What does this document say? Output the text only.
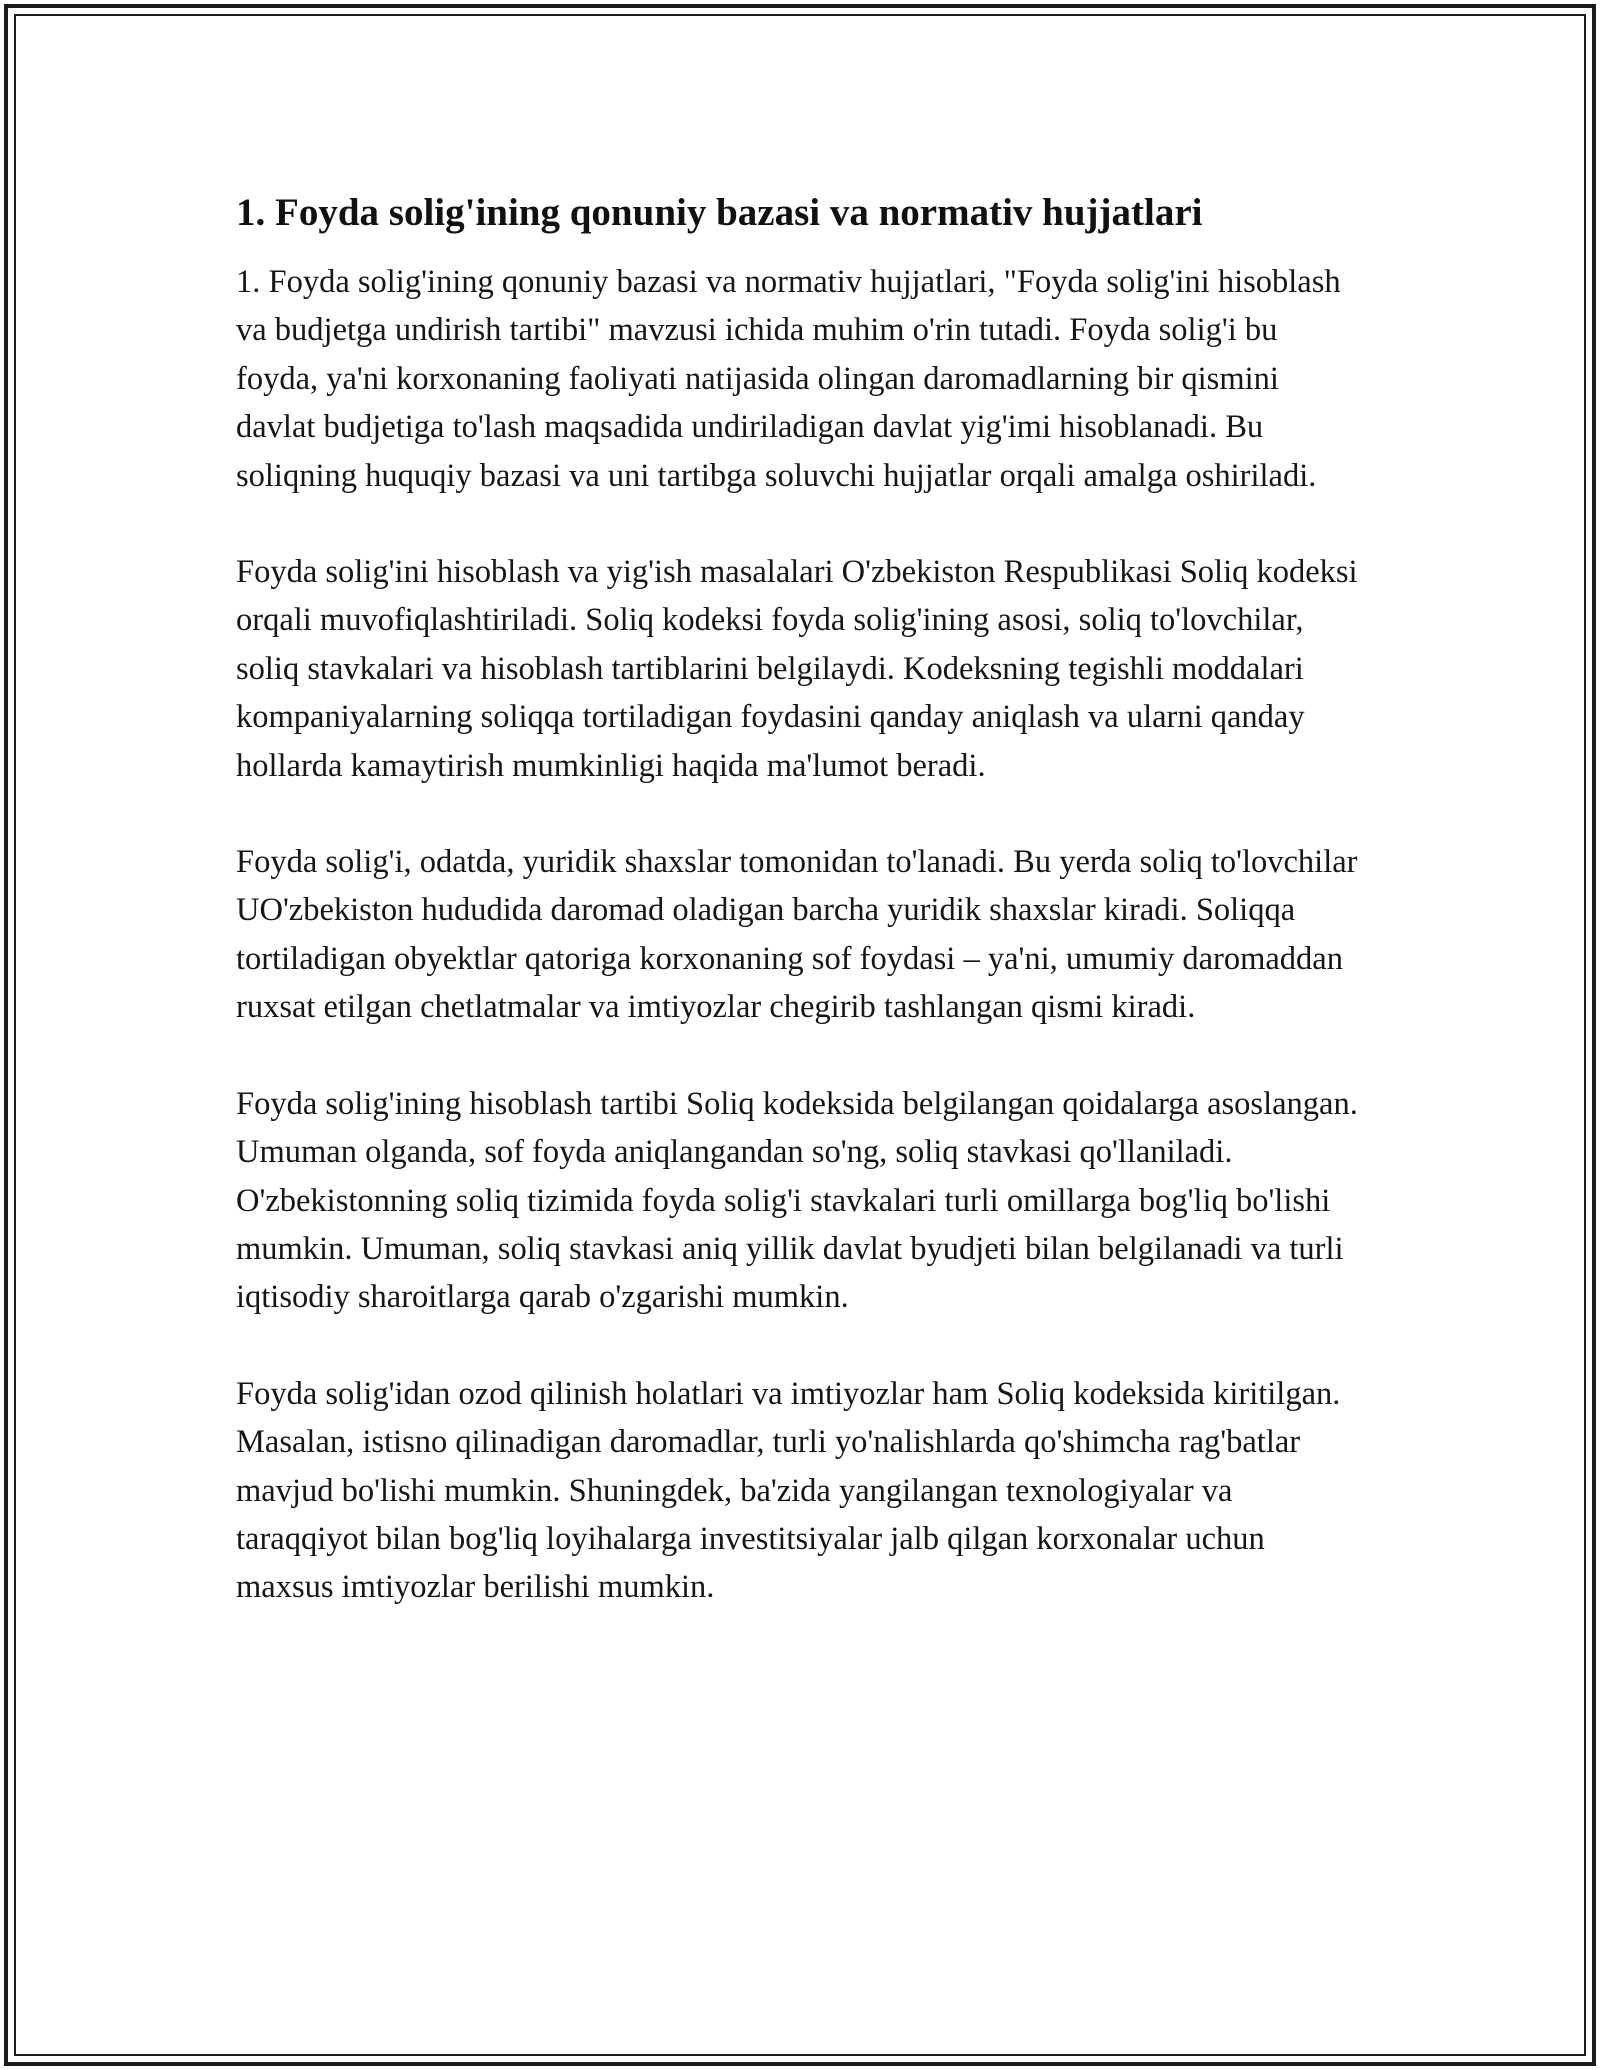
1. Foyda solig'ining qonuniy bazasi va normativ hujjatlari

1. Foyda solig'ining qonuniy bazasi va normativ hujjatlari, "Foyda solig'ini hisoblash va budjetga undirish tartibi" mavzusi ichida muhim o'rin tutadi. Foyda solig'i bu foyda, ya'ni korxonaning faoliyati natijasida olingan daromadlarning bir qismini davlat budjetiga to'lash maqsadida undiriladigan davlat yig'imi hisoblanadi. Bu soliqning huquqiy bazasi va uni tartibga soluvchi hujjatlar orqali amalga oshiriladi.

Foyda solig'ini hisoblash va yig'ish masalalari O'zbekiston Respublikasi Soliq kodeksi orqali muvofiqlashtiriladi. Soliq kodeksi foyda solig'ining asosi, soliq to'lovchilar, soliq stavkalari va hisoblash tartiblarini belgilaydi. Kodeksning tegishli moddalari kompaniyalarning soliqqa tortiladigan foydasini qanday aniqlash va ularni qanday hollarda kamaytirish mumkinligi haqida ma'lumot beradi.

Foyda solig'i, odatda, yuridik shaxslar tomonidan to'lanadi. Bu yerda soliq to'lovchilar UO'zbekiston hududida daromad oladigan barcha yuridik shaxslar kiradi. Soliqqa tortiladigan obyektlar qatoriga korxonaning sof foydasi – ya'ni, umumiy daromaddan ruxsat etilgan chetlatmalar va imtiyozlar chegirib tashlangan qismi kiradi.

Foyda solig'ining hisoblash tartibi Soliq kodeksida belgilangan qoidalarga asoslangan. Umuman olganda, sof foyda aniqlangandan so'ng, soliq stavkasi qo'llaniladi. O'zbekistonning soliq tizimida foyda solig'i stavkalari turli omillarga bog'liq bo'lishi mumkin. Umuman, soliq stavkasi aniq yillik davlat byudjeti bilan belgilanadi va turli iqtisodiy sharoitlarga qarab o'zgarishi mumkin.

Foyda solig'idan ozod qilinish holatlari va imtiyozlar ham Soliq kodeksida kiritilgan. Masalan, istisno qilinadigan daromadlar, turli yo'nalishlarda qo'shimcha rag'batlar mavjud bo'lishi mumkin. Shuningdek, ba'zida yangilangan texnologiyalar va taraqqiyot bilan bog'liq loyihalarga investitsiyalar jalb qilgan korxonalar uchun maxsus imtiyozlar berilishi mumkin.
